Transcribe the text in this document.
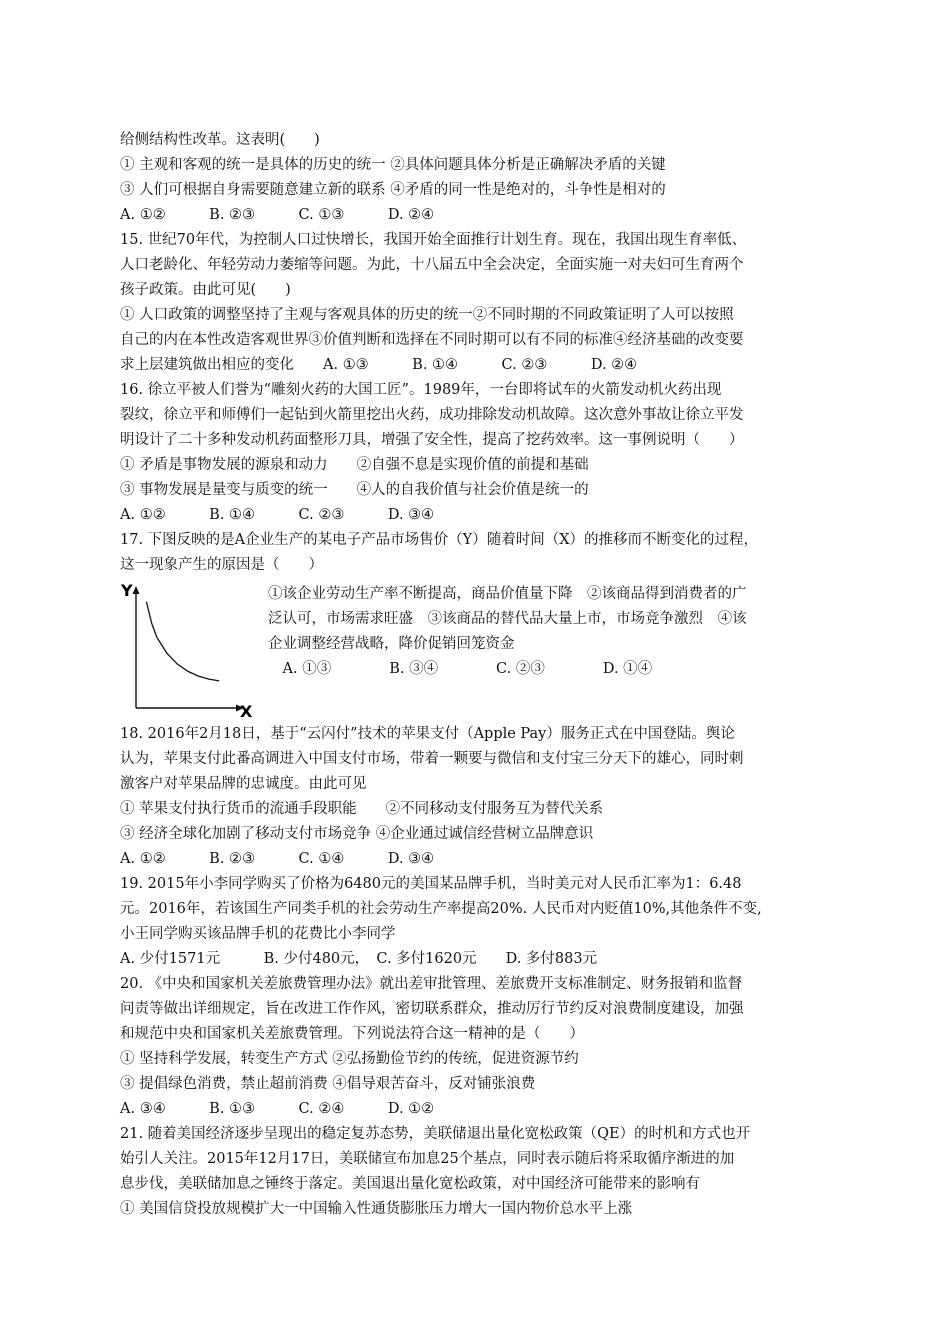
给侧结构性改革。这表明(　　)
① 主观和客观的统一是具体的历史的统一 ②具体问题具体分析是正确解决矛盾的关键
③ 人们可根据自身需要随意建立新的联系 ④矛盾的同一性是绝对的，斗争性是相对的
A. ①②　　　B. ②③　　　C. ①③　　　D. ②④
15. 世纪70年代，为控制人口过快增长，我国开始全面推行计划生育。现在，我国出现生育率低、
人口老龄化、年轻劳动力萎缩等问题。为此，十八届五中全会决定，全面实施一对夫妇可生育两个
孩子政策。由此可见(　　)
① 人口政策的调整坚持了主观与客观具体的历史的统一②不同时期的不同政策证明了人可以按照
自己的内在本性改造客观世界③价值判断和选择在不同时期可以有不同的标准④经济基础的改变要
求上层建筑做出相应的变化　　A. ①③　　　B. ①④　　　C. ②③　　　D. ②④
16. 徐立平被人们誉为“雕刻火药的大国工匠”。1989年，一台即将试车的火箭发动机火药出现
裂纹，徐立平和师傅们一起钻到火箭里挖出火药，成功排除发动机故障。这次意外事故让徐立平发
明设计了二十多种发动机药面整形刀具，增强了安全性，提高了挖药效率。这一事例说明（　　）
① 矛盾是事物发展的源泉和动力　　②自强不息是实现价值的前提和基础
③ 事物发展是量变与质变的统一　　④人的自我价值与社会价值是统一的
A. ①②　　　B. ①④　　　C. ②③　　　D. ③④
17. 下图反映的是A企业生产的某电子产品市场售价（Y）随着时间（X）的推移而不断变化的过程，
这一现象产生的原因是（　　）
Y
X
①该企业劳动生产率不断提高，商品价值量下降　②该商品得到消费者的广
泛认可，市场需求旺盛　③该商品的替代品大量上市，市场竞争激烈　④该
企业调整经营战略，降价促销回笼资金
　A. ①③　　　　B. ③④　　　　C. ②③　　　　D. ①④
18. 2016年2月18日，基于“云闪付”技术的苹果支付（Apple Pay）服务正式在中国登陆。舆论
认为，苹果支付此番高调进入中国支付市场，带着一颗要与微信和支付宝三分天下的雄心，同时刺
激客户对苹果品牌的忠诚度。由此可见
① 苹果支付执行货币的流通手段职能　　②不同移动支付服务互为替代关系
③ 经济全球化加剧了移动支付市场竞争 ④企业通过诚信经营树立品牌意识
A. ①②　　　B. ②③　　　C. ①④　　　D. ③④
19. 2015年小李同学购买了价格为6480元的美国某品牌手机，当时美元对人民币汇率为1：6.48
元。2016年，若该国生产同类手机的社会劳动生产率提高20%. 人民币对内贬值10%,其他条件不变,
小王同学购买该品牌手机的花费比小李同学
A. 少付1571元　　　B. 少付480元，　C. 多付1620元　　D. 多付883元
20. 《中央和国家机关差旅费管理办法》就出差审批管理、差旅费开支标准制定、财务报销和监督
问责等做出详细规定，旨在改进工作作风，密切联系群众，推动厉行节约反对浪费制度建设，加强
和规范中央和国家机关差旅费管理。下列说法符合这一精神的是（　　）
① 坚持科学发展，转变生产方式 ②弘扬勤俭节约的传统，促进资源节约
③ 提倡绿色消费，禁止超前消费 ④倡导艰苦奋斗，反对铺张浪费
A. ③④　　　B. ①③　　　C. ②④　　　D. ①②
21. 随着美国经济逐步呈现出的稳定复苏态势，美联储退出量化宽松政策（QE）的时机和方式也开
始引人关注。2015年12月17日，美联储宣布加息25个基点，同时表示随后将采取循序渐进的加
息步伐，美联储加息之锤终于落定。美国退出量化宽松政策，对中国经济可能带来的影响有
① 美国信贷投放规模扩大一中国输入性通货膨胀压力增大一国内物价总水平上涨
